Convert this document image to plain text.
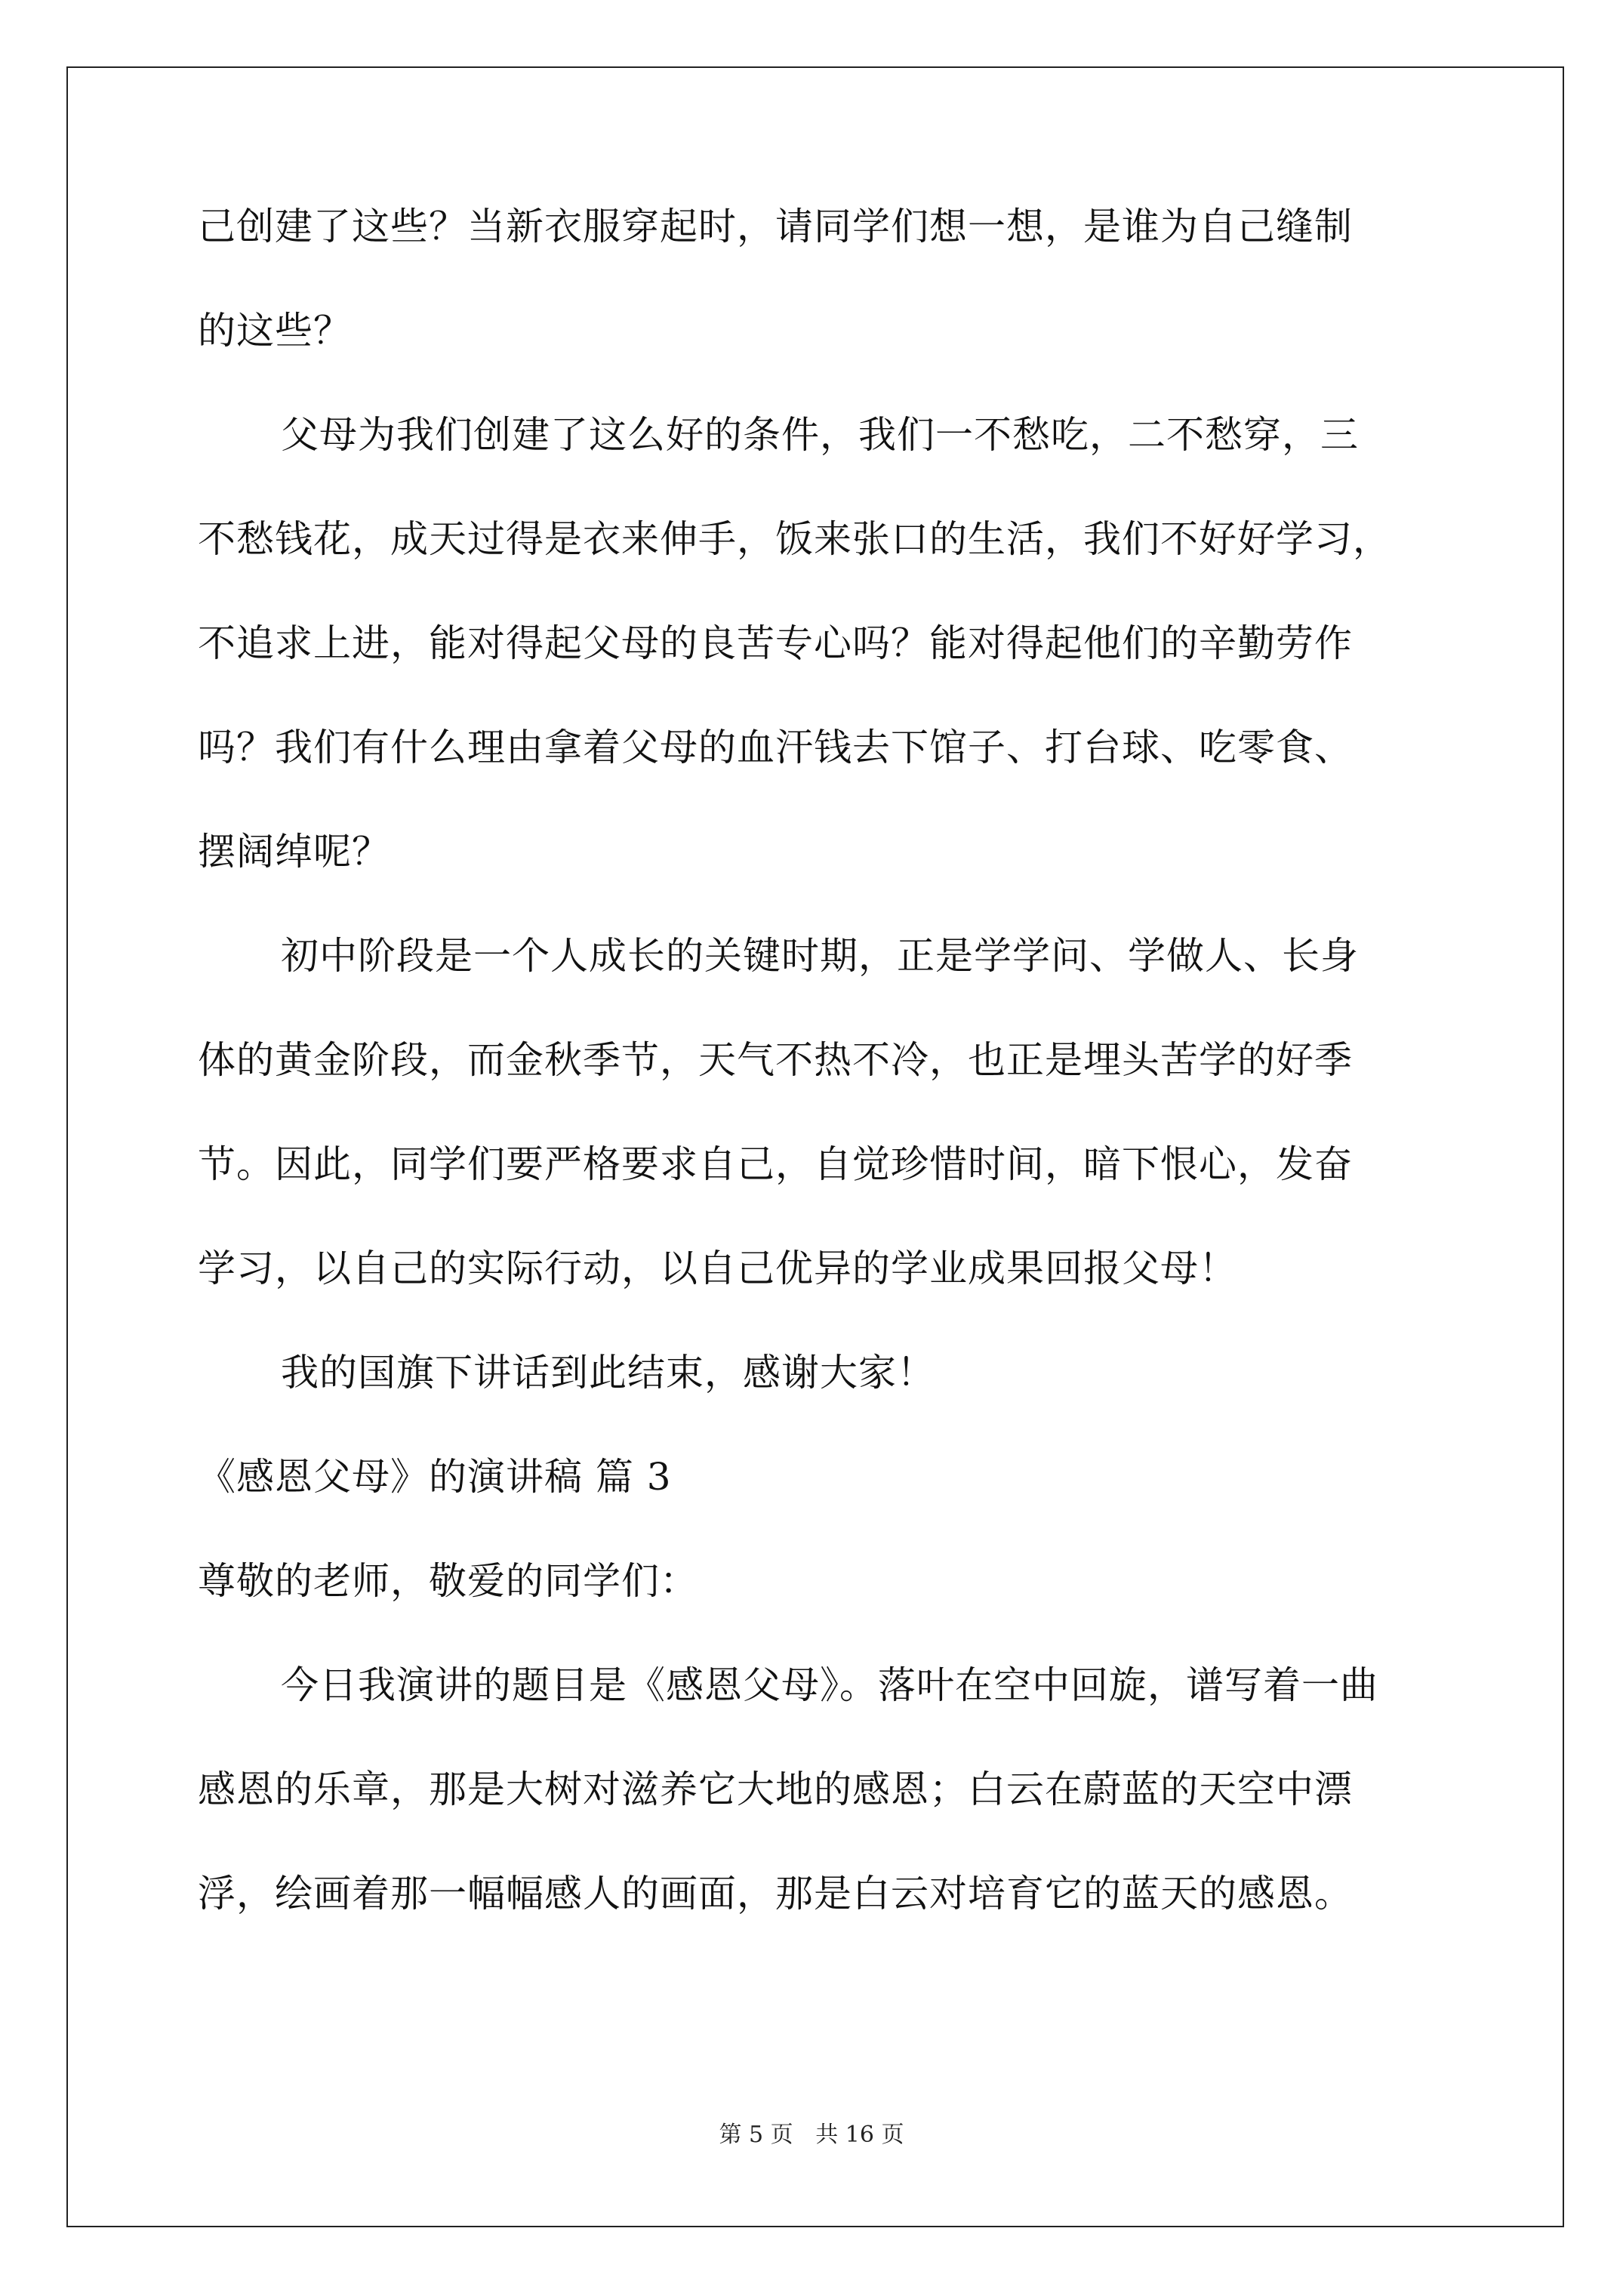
己创建了这些？当新衣服穿起时，请同学们想一想，是谁为自己缝制
的这些？
父母为我们创建了这么好的条件，我们一不愁吃，二不愁穿，三
不愁钱花，成天过得是衣来伸手，饭来张口的生活，我们不好好学习，
不追求上进，能对得起父母的良苦专心吗？能对得起他们的辛勤劳作
吗？我们有什么理由拿着父母的血汗钱去下馆子、打台球、吃零食、
摆阔绰呢？
初中阶段是一个人成长的关键时期，正是学学问、学做人、长身
体的黄金阶段，而金秋季节，天气不热不冷，也正是埋头苦学的好季
节。因此，同学们要严格要求自己，自觉珍惜时间，暗下恨心，发奋
学习，以自己的实际行动，以自己优异的学业成果回报父母！
我的国旗下讲话到此结束，感谢大家！
《感恩父母》的演讲稿 篇 3
尊敬的老师，敬爱的同学们：
今日我演讲的题目是《感恩父母》。落叶在空中回旋，谱写着一曲
感恩的乐章，那是大树对滋养它大地的感恩；白云在蔚蓝的天空中漂
浮，绘画着那一幅幅感人的画面，那是白云对培育它的蓝天的感恩。
第 5 页 共 16 页
